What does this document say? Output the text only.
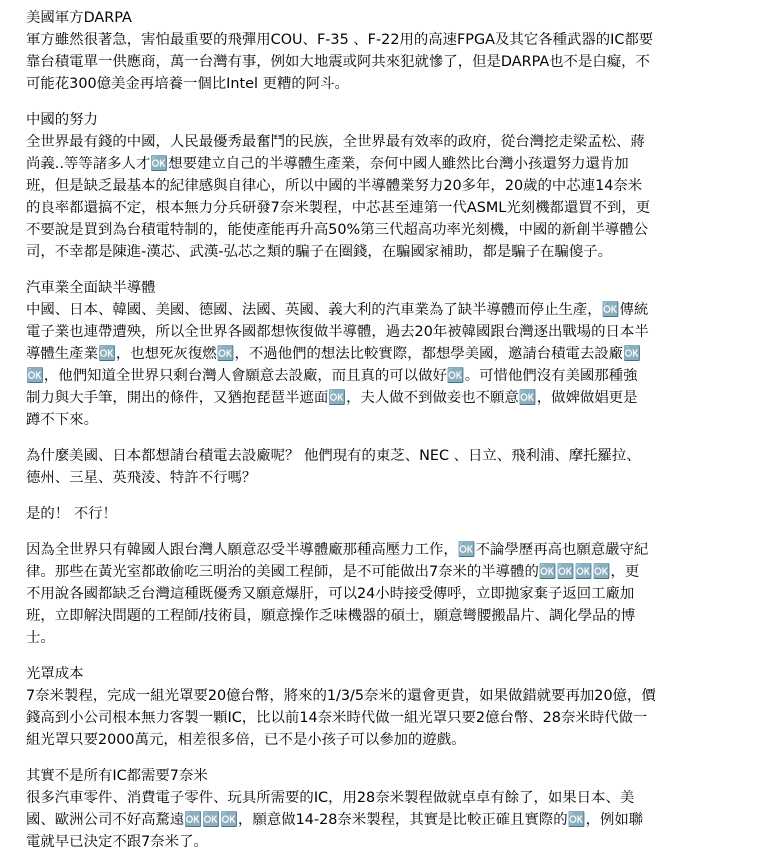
美國軍方DARPA
軍方雖然很著急，害怕最重要的飛彈用COU、F-35 、F-22用的高速FPGA及其它各種武器的IC都要
靠台積電單一供應商，萬一台灣有事，例如大地震或阿共來犯就慘了，但是DARPA也不是白癡，不
可能花300億美金再培養一個比Intel 更糟的阿斗。
中國的努力
全世界最有錢的中國，人民最優秀最奮鬥的民族，全世界最有效率的政府，從台灣挖走梁孟松、蔣
尚義..等等諸多人才🆗想要建立自己的半導體生產業，奈何中國人雖然比台灣小孩還努力還肯加
班，但是缺乏最基本的紀律感與自律心，所以中國的半導體業努力20多年，20歲的中芯連14奈米
的良率都還搞不定，根本無力分兵研發7奈米製程，中芯甚至連第一代ASML光刻機都還買不到，更
不要說是買到為台積電特制的，能使產能再升高50%第三代超高功率光刻機，中國的新創半導體公
司，不幸都是陳進-漢芯、武漢-弘芯之類的騙子在圈錢，在騙國家補助，都是騙子在騙傻子。
汽車業全面缺半導體
中國、日本、韓國、美國、德國、法國、英國、義大利的汽車業為了缺半導體而停止生產，🆗傳統
電子業也連帶遭殃，所以全世界各國都想恢復做半導體，過去20年被韓國跟台灣逐出戰場的日本半
導體生產業🆗，也想死灰復燃🆗，不過他們的想法比較實際，都想學美國，邀請台積電去設廠🆗
🆗，他們知道全世界只剩台灣人會願意去設廠，而且真的可以做好🆗。可惜他們沒有美國那種強
制力與大手筆，開出的條件，又猶抱琵琶半遮面🆗，夫人做不到做妾也不願意🆗，做婢做娼更是
蹲不下來。
為什麼美國、日本都想請台積電去設廠呢？ 他們現有的東芝、NEC 、日立、飛利浦、摩托羅拉、
德州、三星、英飛淩、特許不行嗎？
是的！ 不行！
因為全世界只有韓國人跟台灣人願意忍受半導體廠那種高壓力工作，🆗不論學歷再高也願意嚴守紀
律。那些在黃光室都敢偷吃三明治的美國工程師，是不可能做出7奈米的半導體的🆗🆗🆗🆗，更
不用說各國都缺乏台灣這種既優秀又願意爆肝，可以24小時接受傳呼，立即拋家棄子返回工廠加
班，立即解決問題的工程師/技術員，願意操作乏味機器的碩士，願意彎腰搬晶片、調化學品的博
士。
光罩成本
7奈米製程，完成一組光罩要20億台幣，將來的1/3/5奈米的還會更貴，如果做錯就要再加20億，價
錢高到小公司根本無力客製一顆IC，比以前14奈米時代做一組光罩只要2億台幣、28奈米時代做一
組光罩只要2000萬元，相差很多倍，已不是小孩子可以參加的遊戲。
其實不是所有IC都需要7奈米
很多汽車零件、消費電子零件、玩具所需要的IC，用28奈米製程做就卓卓有餘了，如果日本、美
國、歐洲公司不好高騖遠🆗🆗🆗，願意做14-28奈米製程，其實是比較正確且實際的🆗，例如聯
電就早已決定不跟7奈米了。
